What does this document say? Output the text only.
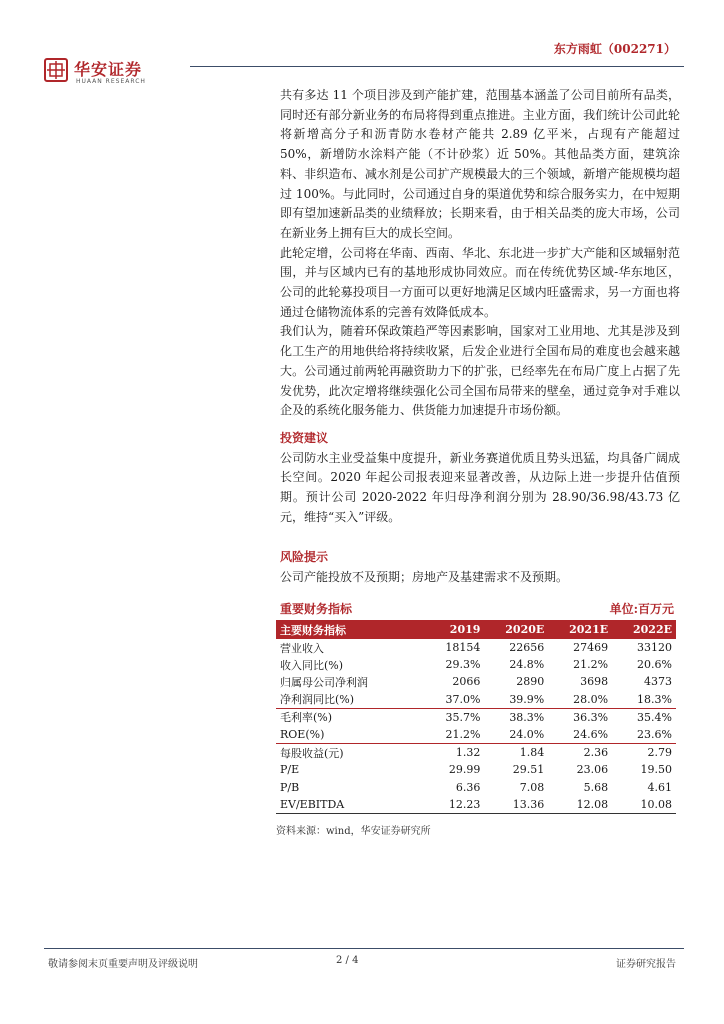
华安证券
HUAAN RESEARCH
东方雨虹（002271）

共有多达 11 个项目涉及到产能扩建，范围基本涵盖了公司目前所有品类，同时还有部分新业务的布局将得到重点推进。主业方面，我们统计公司此轮将新增高分子和沥青防水卷材产能共 2.89 亿平米，占现有产能超过 50%，新增防水涂料产能（不计砂浆）近 50%。其他品类方面，建筑涂料、非织造布、减水剂是公司扩产规模最大的三个领域，新增产能规模均超过 100%。与此同时，公司通过自身的渠道优势和综合服务实力，在中短期即有望加速新品类的业绩释放；长期来看，由于相关品类的庞大市场，公司在新业务上拥有巨大的成长空间。

此轮定增，公司将在华南、西南、华北、东北进一步扩大产能和区域辐射范围，并与区域内已有的基地形成协同效应。而在传统优势区域-华东地区，公司的此轮募投项目一方面可以更好地满足区域内旺盛需求，另一方面也将通过仓储物流体系的完善有效降低成本。

我们认为，随着环保政策趋严等因素影响，国家对工业用地、尤其是涉及到化工生产的用地供给将持续收紧，后发企业进行全国布局的难度也会越来越大。公司通过前两轮再融资助力下的扩张，已经率先在布局广度上占据了先发优势，此次定增将继续强化公司全国布局带来的壁垒，通过竞争对手难以企及的系统化服务能力、供货能力加速提升市场份额。

投资建议

公司防水主业受益集中度提升，新业务赛道优质且势头迅猛，均具备广阔成长空间。2020 年起公司报表迎来显著改善，从边际上进一步提升估值预期。预计公司 2020-2022 年归母净利润分别为 28.90/36.98/43.73 亿元，维持“买入”评级。

风险提示

公司产能投放不及预期；房地产及基建需求不及预期。

重要财务指标	单位:百万元
主要财务指标	2019	2020E	2021E	2022E
营业收入	18154	22656	27469	33120
收入同比(%)	29.3%	24.8%	21.2%	20.6%
归属母公司净利润	2066	2890	3698	4373
净利润同比(%)	37.0%	39.9%	28.0%	18.3%
毛利率(%)	35.7%	38.3%	36.3%	35.4%
ROE(%)	21.2%	24.0%	24.6%	23.6%
每股收益(元)	1.32	1.84	2.36	2.79
P/E	29.99	29.51	23.06	19.50
P/B	6.36	7.08	5.68	4.61
EV/EBITDA	12.23	13.36	12.08	10.08
资料来源：wind，华安证券研究所
敬请参阅末页重要声明及评级说明	2 / 4	证券研究报告
